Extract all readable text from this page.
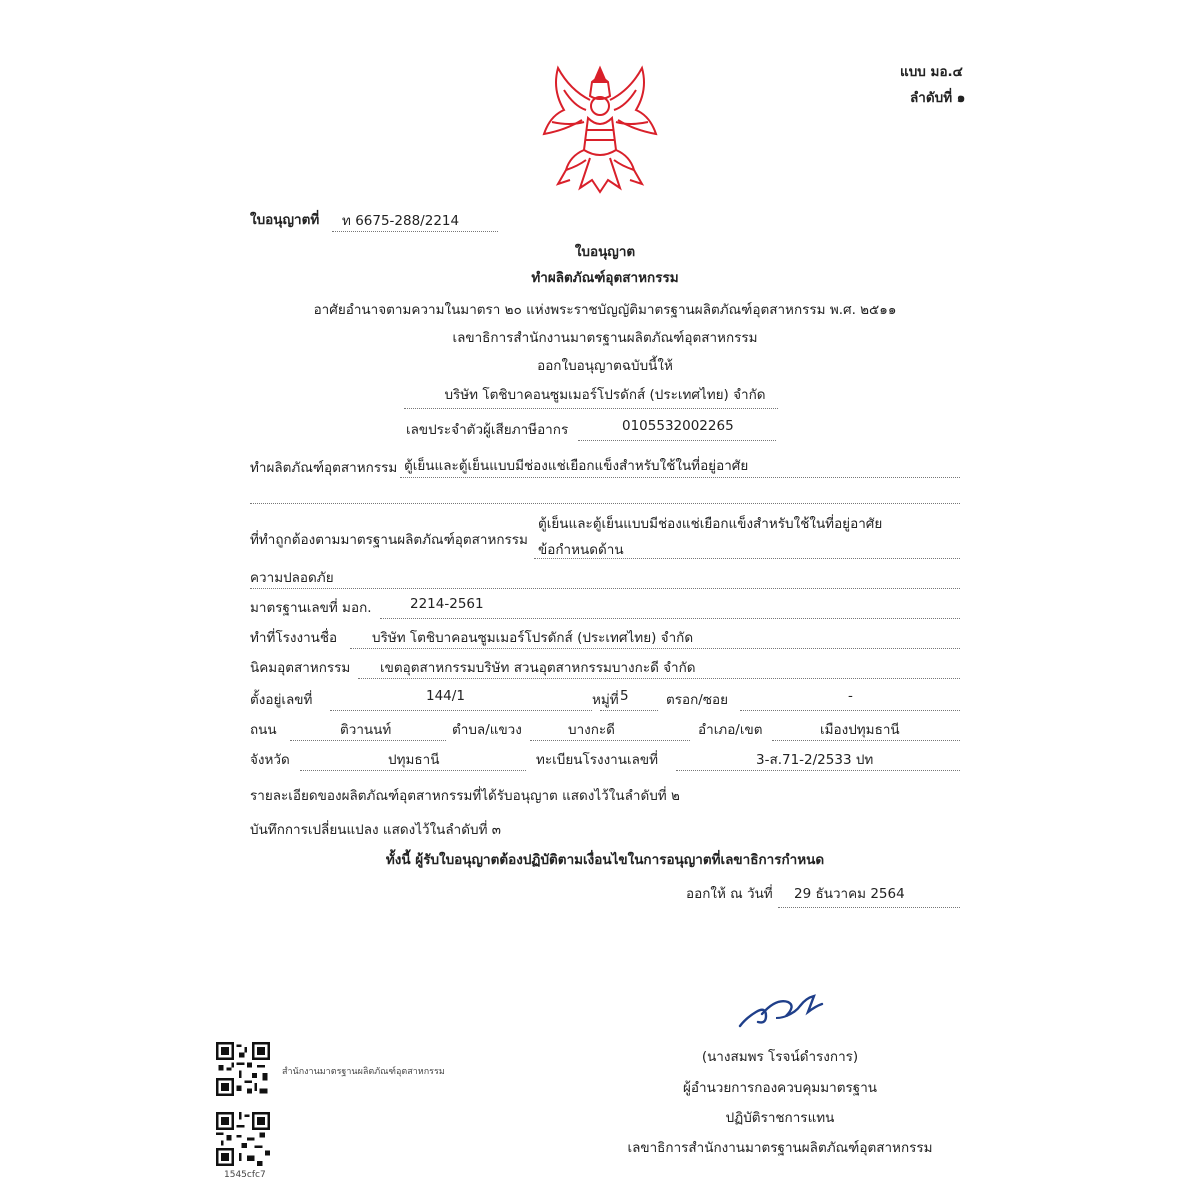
แบบ มอ.๔
ลำดับที่ ๑
ใบอนุญาตที่ ท 6675-288/2214
ใบอนุญาต
ทำผลิตภัณฑ์อุตสาหกรรม
อาศัยอำนาจตามความในมาตรา ๒๐ แห่งพระราชบัญญัติมาตรฐานผลิตภัณฑ์อุตสาหกรรม พ.ศ. ๒๕๑๑
เลขาธิการสำนักงานมาตรฐานผลิตภัณฑ์อุตสาหกรรม
ออกใบอนุญาตฉบับนี้ให้
บริษัท โตชิบาคอนซูมเมอร์โปรดักส์ (ประเทศไทย) จำกัด
เลขประจำตัวผู้เสียภาษีอากร	0105532002265
ทำผลิตภัณฑ์อุตสาหกรรม ตู้เย็นและตู้เย็นแบบมีช่องแช่เยือกแข็งสำหรับใช้ในที่อยู่อาศัย
ที่ทำถูกต้องตามมาตรฐานผลิตภัณฑ์อุตสาหกรรม
ตู้เย็นและตู้เย็นแบบมีช่องแช่เยือกแข็งสำหรับใช้ในที่อยู่อาศัย
ข้อกำหนดด้าน
ความปลอดภัย
มาตรฐานเลขที่ มอก.	2214-2561
ทำที่โรงงานชื่อ	บริษัท โตชิบาคอนซูมเมอร์โปรดักส์ (ประเทศไทย) จำกัด
นิคมอุตสาหกรรม เขตอุตสาหกรรมบริษัท สวนอุตสาหกรรมบางกะดี จำกัด
ตั้งอยู่เลขที่	144/1	หมู่ที่ 5	ตรอก/ซอย	-
ถนน	ติวานนท์	ตำบล/แขวง	บางกะดี	อำเภอ/เขต	เมืองปทุมธานี
จังหวัด	ปทุมธานี	ทะเบียนโรงงานเลขที่	3-ส.71-2/2533 ปท
รายละเอียดของผลิตภัณฑ์อุตสาหกรรมที่ได้รับอนุญาต แสดงไว้ในลำดับที่ ๒
บันทึกการเปลี่ยนแปลง แสดงไว้ในลำดับที่ ๓
ทั้งนี้ ผู้รับใบอนุญาตต้องปฏิบัติตามเงื่อนไขในการอนุญาตที่เลขาธิการกำหนด
ออกให้ ณ วันที่ 29 ธันวาคม 2564
(นางสมพร โรจน์ดำรงการ)
ผู้อำนวยการกองควบคุมมาตรฐาน
ปฏิบัติราชการแทน
เลขาธิการสำนักงานมาตรฐานผลิตภัณฑ์อุตสาหกรรม
สำนักงานมาตรฐานผลิตภัณฑ์อุตสาหกรรม
1545cfc7
